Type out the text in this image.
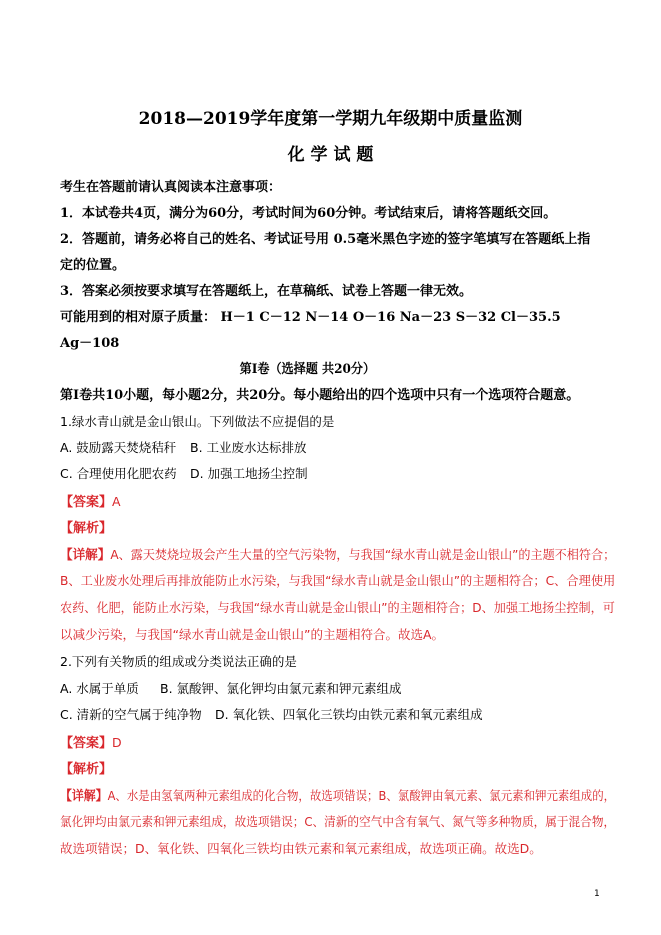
2018—2019学年度第一学期九年级期中质量监测
化 学 试 题
考生在答题前请认真阅读本注意事项：
1．本试卷共4页，满分为60分，考试时间为60分钟。考试结束后，请将答题纸交回。
2．答题前，请务必将自己的姓名、考试证号用 0.5毫米黑色字迹的签字笔填写在答题纸上指
定的位置。
3．答案必须按要求填写在答题纸上，在草稿纸、试卷上答题一律无效。
可能用到的相对原子质量： H－1 C－12 N－14 O－16 Na－23 S－32 Cl－35.5
Ag－108
第Ⅰ卷（选择题 共20分）
第Ⅰ卷共10小题，每小题2分，共20分。每小题给出的四个选项中只有一个选项符合题意。
1.绿水青山就是金山银山。下列做法不应提倡的是
A. 鼓励露天焚烧秸秆 B. 工业废水达标排放
C. 合理使用化肥农药 D. 加强工地扬尘控制
【答案】A
【解析】
【详解】A、露天焚烧垃圾会产生大量的空气污染物，与我国“绿水青山就是金山银山”的主题不相符合；
B、工业废水处理后再排放能防止水污染，与我国“绿水青山就是金山银山”的主题相符合；C、合理使用
农药、化肥，能防止水污染，与我国“绿水青山就是金山银山”的主题相符合；D、加强工地扬尘控制，可
以减少污染，与我国“绿水青山就是金山银山”的主题相符合。故选A。
2.下列有关物质的组成或分类说法正确的是
A. 水属于单质 B. 氯酸钾、氯化钾均由氯元素和钾元素组成
C. 清新的空气属于纯净物 D. 氧化铁、四氧化三铁均由铁元素和氧元素组成
【答案】D
【解析】
【详解】A、水是由氢氧两种元素组成的化合物，故选项错误；B、氯酸钾由氧元素、氯元素和钾元素组成的，
氯化钾均由氯元素和钾元素组成，故选项错误；C、清新的空气中含有氧气、氮气等多种物质，属于混合物，
故选项错误；D、氧化铁、四氧化三铁均由铁元素和氧元素组成，故选项正确。故选D。
1
